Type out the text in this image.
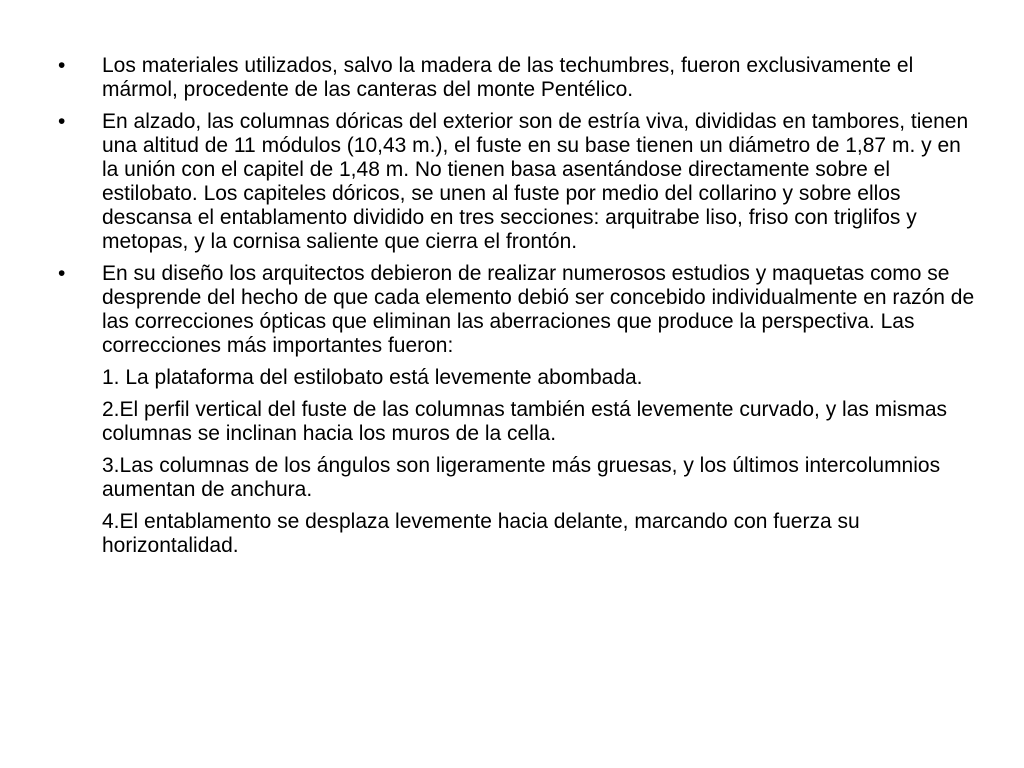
•	Los materiales utilizados, salvo la madera de las techumbres, fueron exclusivamente el mármol, procedente de las canteras del monte Pentélico.
•	En alzado, las columnas dóricas del exterior son de estría viva, divididas en tambores, tienen una altitud de 11 módulos (10,43 m.), el fuste en su base tienen un diámetro de 1,87 m. y en la unión con el capitel de 1,48 m. No tienen basa asentándose directamente sobre el estilobato. Los capiteles dóricos, se unen al fuste por medio del collarino y sobre ellos descansa el entablamento dividido en tres secciones: arquitrabe liso, friso con triglifos y metopas, y la cornisa saliente que cierra el frontón.
•	En su diseño los arquitectos debieron de realizar numerosos estudios y maquetas como se desprende del hecho de que cada elemento debió ser concebido individualmente en razón de las correcciones ópticas que eliminan las aberraciones que produce la perspectiva. Las correcciones más importantes fueron:
1. La plataforma del estilobato está levemente abombada.
2.El perfil vertical del fuste de las columnas también está levemente curvado, y las mismas columnas se inclinan hacia los muros de la cella.
3.Las columnas de los ángulos son ligeramente más gruesas, y los últimos intercolumnios aumentan de anchura.
4.El entablamento se desplaza levemente hacia delante, marcando con fuerza su horizontalidad.
